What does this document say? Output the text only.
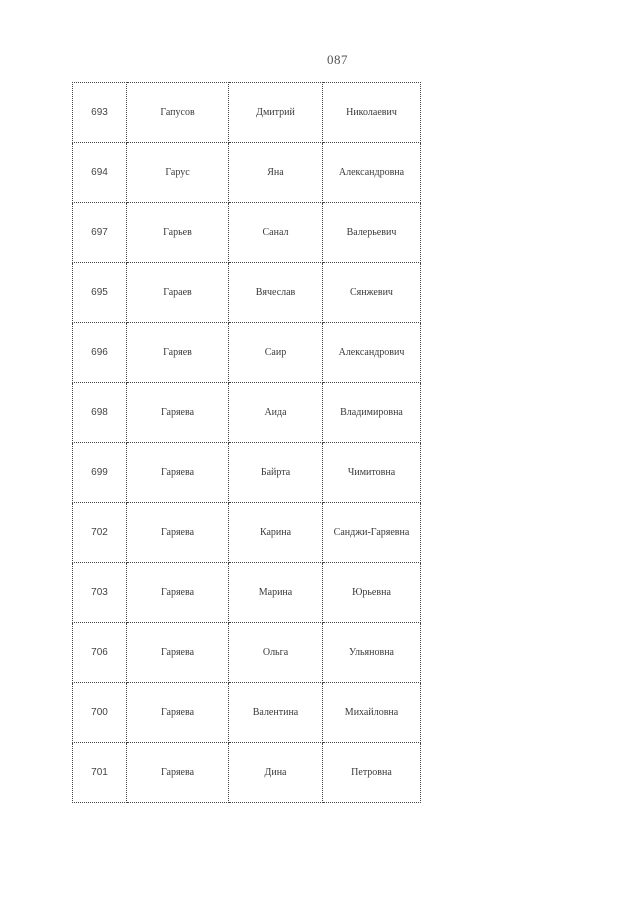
087
693	Гапусов	Дмитрий	Николаевич
694	Гарус	Яна	Александровна
697	Гарьев	Санал	Валерьевич
695	Гараев	Вячеслав	Сянжевич
696	Гаряев	Саир	Александрович
698	Гаряева	Аида	Владимировна
699	Гаряева	Байрта	Чимитовна
702	Гаряева	Карина	Санджи-Гаряевна
703	Гаряева	Марина	Юрьевна
706	Гаряева	Ольга	Ульяновна
700	Гаряева	Валентина	Михайловна
701	Гаряева	Дина	Петровна
